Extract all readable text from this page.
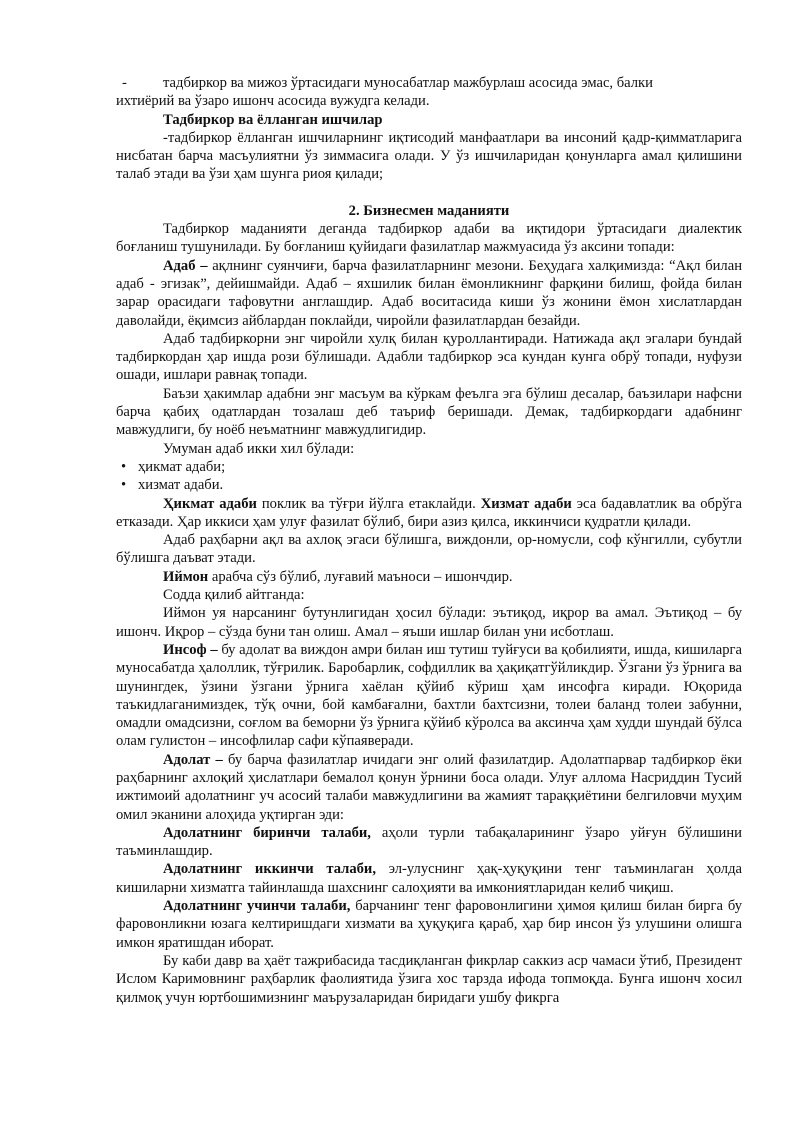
-	тадбиркор ва мижоз ўртасидаги муносабатлар мажбурлаш асосида эмас, балки

ихтиёрий ва ўзаро ишонч асосида вужудга келади.

Тадбиркор ва ёлланган ишчилар

-тадбиркор ёлланган ишчиларнинг иқтисодий манфаатлари ва инсоний қадр-қимматларига нисбатан барча масъулиятни ўз зиммасига олади. У ўз ишчиларидан қонунларга амал қилишини талаб этади ва ўзи ҳам шунга риоя қилади;

2. Бизнесмен маданияти

Тадбиркор маданияти деганда тадбиркор адаби ва иқтидори ўртасидаги диалектик боғланиш тушунилади. Бу боғланиш қуйидаги фазилатлар мажмуасида ўз аксини топади:

Адаб – ақлнинг суянчиғи, барча фазилатларнинг мезони. Беҳудага халқимизда: “Ақл билан адаб - эгизак”, дейишмайди. Адаб – яхшилик билан ёмонликнинг фарқини билиш, фойда билан зарар орасидаги тафовутни англашдир. Адаб воситасида киши ўз жонини ёмон хислатлардан даволайди, ёқимсиз айблардан поклайди, чиройли фазилатлардан безайди.

Адаб тадбиркорни энг чиройли хулқ билан қуроллантиради. Натижада ақл эгалари бундай тадбиркордан ҳар ишда рози бўлишади. Адабли тадбиркор эса кундан кунга обрў топади, нуфузи ошади, ишлари равнақ топади.

Баъзи ҳакимлар адабни энг масъум ва кўркам феълга эга бўлиш десалар, баъзилари нафсни барча қабиҳ одатлардан тозалаш деб таъриф беришади. Демак, тадбиркордаги адабнинг мавжудлиги, бу ноёб неъматнинг мавжудлигидир.

Умуман адаб икки хил бўлади:

• ҳикмат адаби;
• хизмат адаби.

Ҳикмат адаби поклик ва тўғри йўлга етаклайди. Хизмат адаби эса бадавлатлик ва обрўга етказади. Ҳар иккиси ҳам улуғ фазилат бўлиб, бири азиз қилса, иккинчиси қудратли қилади.

Адаб раҳбарни ақл ва ахлоқ эгаси бўлишга, виждонли, ор-номусли, соф кўнгилли, субутли бўлишга даъват этади.

Иймон арабча сўз бўлиб, луғавий маъноси – ишончдир.

Содда қилиб айтганда:

Иймон уя нарсанинг бутунлигидан ҳосил бўлади: эътиқод, иқрор ва амал. Эътиқод – бу ишонч. Иқрор – сўзда буни тан олиш. Амал – яъши ишлар билан уни исботлаш.

Инсоф – бу адолат ва виждон амри билан иш тутиш туйғуси ва қобилияти, ишда, кишиларга муносабатда ҳалоллик, тўғрилик. Баробарлик, софдиллик ва ҳақиқатгўйликдир. Ўзгани ўз ўрнига ва шунингдек, ўзини ўзгани ўрнига хаёлан қўйиб кўриш ҳам инсофга киради. Юқорида таъкидлаганимиздек, тўқ очни, бой камбағални, бахтли бахтсизни, толеи баланд толеи забунни, омадли омадсизни, соғлом ва беморни ўз ўрнига қўйиб кўролса ва аксинча ҳам худди шундай бўлса олам гулистон – инсофлилар сафи кўпаяверади.

Адолат – бу барча фазилатлар ичидаги энг олий фазилатдир. Адолатпарвар тадбиркор ёки раҳбарнинг ахлоқий ҳислатлари бемалол қонун ўрнини боса олади. Улуғ аллома Насриддин Тусий ижтимоий адолатнинг уч асосий талаби мавжудлигини ва жамият тараққиётини белгиловчи муҳим омил эканини алоҳида уқтирган эди:

Адолатнинг биринчи талаби, аҳоли турли табақаларининг ўзаро уйғун бўлишини таъминлашдир.

Адолатнинг иккинчи талаби, эл-улуснинг ҳақ-ҳуқуқини тенг таъминлаган ҳолда кишиларни хизматга тайинлашда шахснинг салоҳияти ва имкониятларидан келиб чиқиш.

Адолатнинг учинчи талаби, барчанинг тенг фаровонлигини ҳимоя қилиш билан бирга бу фаровонликни юзага келтиришдаги хизмати ва ҳуқуқига қараб, ҳар бир инсон ўз улушини олишга имкон яратишдан иборат.

Бу каби давр ва ҳаёт тажрибасида тасдиқланган фикрлар саккиз аср чамаси ўтиб, Президент Ислом Каримовнинг раҳбарлик фаолиятида ўзига хос тарзда ифода топмоқда. Бунга ишонч хосил қилмоқ учун юртбошимизнинг маърузаларидан биридаги ушбу фикрга
